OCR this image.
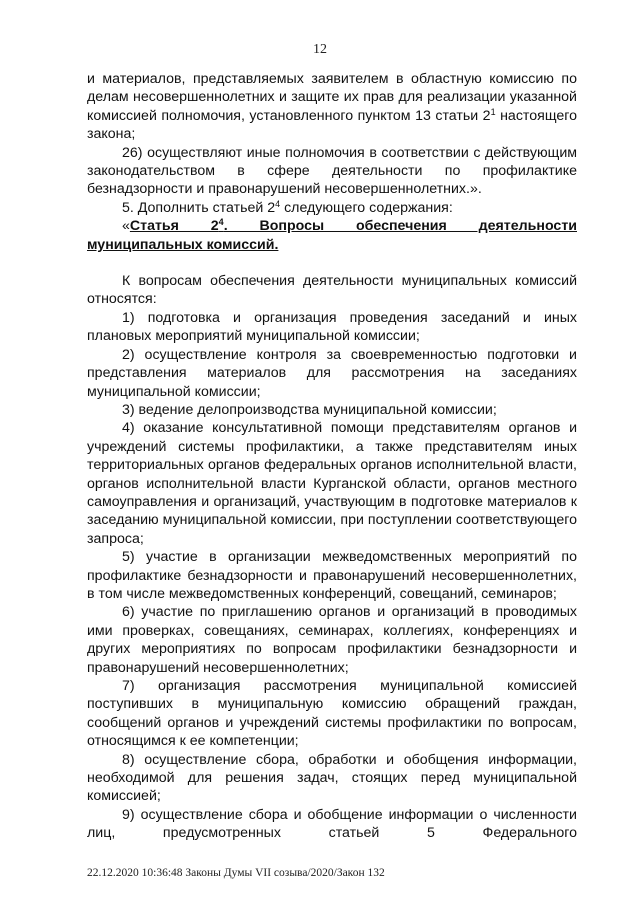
12

и материалов, представляемых заявителем в областную комиссию по делам несовершеннолетних и защите их прав для реализации указанной комиссией полномочия, установленного пунктом 13 статьи $2^1$ настоящего закона;

26) осуществляют иные полномочия в соответствии с действующим законодательством в сфере деятельности по профилактике безнадзорности и правонарушений несовершеннолетних.».

5. Дополнить статьей $2^4$ следующего содержания:

«Статья $2^4$. Вопросы обеспечения деятельности муниципальных комиссий.

К вопросам обеспечения деятельности муниципальных комиссий относятся:

1) подготовка и организация проведения заседаний и иных плановых мероприятий муниципальной комиссии;

2) осуществление контроля за своевременностью подготовки и представления материалов для рассмотрения на заседаниях муниципальной комиссии;

3) ведение делопроизводства муниципальной комиссии;

4) оказание консультативной помощи представителям органов и учреждений системы профилактики, а также представителям иных территориальных органов федеральных органов исполнительной власти, органов исполнительной власти Курганской области, органов местного самоуправления и организаций, участвующим в подготовке материалов к заседанию муниципальной комиссии, при поступлении соответствующего запроса;

5) участие в организации межведомственных мероприятий по профилактике безнадзорности и правонарушений несовершеннолетних, в том числе межведомственных конференций, совещаний, семинаров;

6) участие по приглашению органов и организаций в проводимых ими проверках, совещаниях, семинарах, коллегиях, конференциях и других мероприятиях по вопросам профилактики безнадзорности и правонарушений несовершеннолетних;

7) организация рассмотрения муниципальной комиссией поступивших в муниципальную комиссию обращений граждан, сообщений органов и учреждений системы профилактики по вопросам, относящимся к ее компетенции;

8) осуществление сбора, обработки и обобщения информации, необходимой для решения задач, стоящих перед муниципальной комиссией;

9) осуществление сбора и обобщение информации о численности лиц, предусмотренных статьей 5 Федерального

22.12.2020 10:36:48 Законы Думы VII созыва/2020/Закон 132
